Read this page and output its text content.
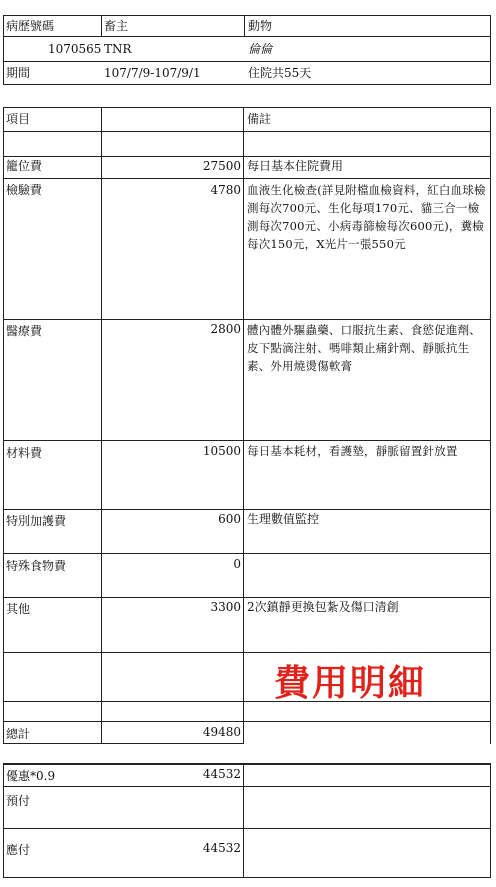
病歷號碼	畜主	動物
1070565 TNR	倫倫
期間	107/7/9-107/9/1	住院共55天
項目	備註
籠位費	27500 每日基本住院費用
檢驗費	4780 血液生化檢查(詳見附檔血檢資料，紅白血球檢測每次700元、生化每項170元、貓三合一檢測每次700元、小病毒篩檢每次600元)，糞檢每次150元，X光片一張550元
醫療費	2800 體內體外驅蟲藥、口服抗生素、食慾促進劑、皮下點滴注射、嗎啡類止痛針劑、靜脈抗生素、外用燒燙傷軟膏
材料費	10500 每日基本耗材，看護墊，靜脈留置針放置
特別加護費	600 生理數值監控
特殊食物費	0
其他	3300 2次鎮靜更換包紮及傷口清創
總計	49480
費用明細
優惠*0.9	44532
預付
應付	44532
